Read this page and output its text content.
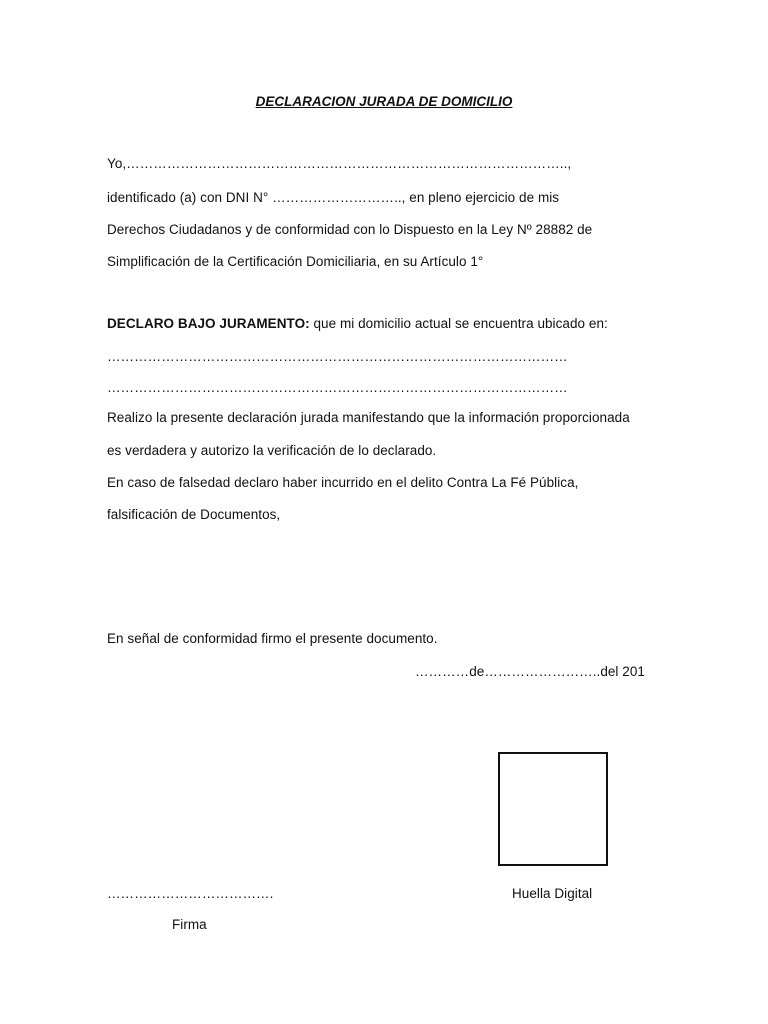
DECLARACION JURADA DE DOMICILIO
Yo,……………………………………………………………………………………..,
identificado (a) con DNI N° ……………………….., en pleno ejercicio de mis
Derechos Ciudadanos y de conformidad con lo Dispuesto en la Ley Nº 28882 de
Simplificación de la Certificación Domiciliaria, en su Artículo 1°
DECLARO BAJO JURAMENTO: que mi domicilio actual se encuentra ubicado en:
…………………………………………………………………………………………
…………………………………………………………………………………………
Realizo la presente declaración jurada manifestando que la información proporcionada
es verdadera y autorizo la verificación de lo declarado.
En caso de falsedad declaro haber incurrido en el delito Contra La Fé Pública,
falsificación de Documentos,
En señal de conformidad firmo el presente documento.
…………de……………………..del 201
……………………………….	Huella Digital
Firma
